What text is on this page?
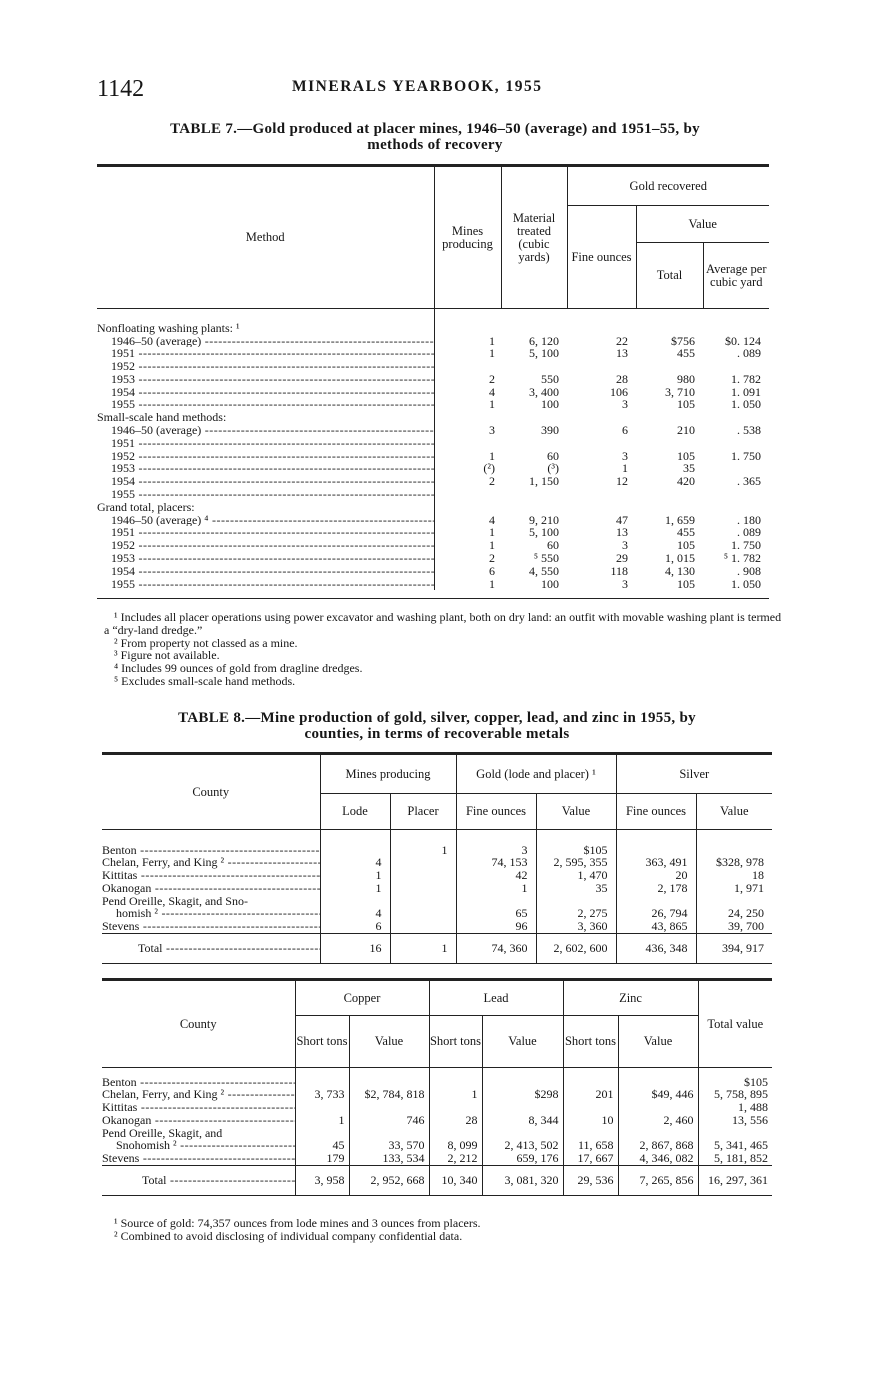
1142	MINERALS YEARBOOK, 1955
TABLE 7.—Gold produced at placer mines, 1946–50 (average) and 1951–55, by
methods of recovery
Method	Mines producing	Material treated (cubic yards)	Gold recovered		
			Fine ounces	Value	
				Total	Average per cubic yard
Nonfloating washing plants: ¹					
1946–50 (average) -----	1	6, 120	22	$756	$0. 124
1951 -----	1	5, 100	13	455	. 089
1952 -----					
1953 -----	2	550	28	980	1. 782
1954 -----	4	3, 400	106	3, 710	1. 091
1955 -----	1	100	3	105	1. 050
Small-scale hand methods:					
1946–50 (average) -----	3	390	6	210	. 538
1951 -----					
1952 -----	1	60	3	105	1. 750
1953 -----	(²)	(³)	1	35	
1954 -----	2	1, 150	12	420	. 365
1955 -----					
Grand total, placers:					
1946–50 (average) ⁴ -----	4	9, 210	47	1, 659	. 180
1951 -----	1	5, 100	13	455	. 089
1952 -----	1	60	3	105	1. 750
1953 -----	2	⁵ 550	29	1, 015	⁵ 1. 782
1954 -----	6	4, 550	118	4, 130	. 908
1955 -----	1	100	3	105	1. 050

¹ Includes all placer operations using power excavator and washing plant, both on dry land: an outfit with movable washing plant is termed a “dry-land dredge.”
² From property not classed as a mine.
³ Figure not available.
⁴ Includes 99 ounces of gold from dragline dredges.
⁵ Excludes small-scale hand methods.
TABLE 8.—Mine production of gold, silver, copper, lead, and zinc in 1955, by
counties, in terms of recoverable metals
County	Mines producing		Gold (lode and placer) ¹		Silver	
	Lode	Placer	Fine ounces	Value	Fine ounces	Value

Benton -----		1	3	$105		
Chelan, Ferry, and King ² -----	4		74, 153	2, 595, 355	363, 491	$328, 978
Kittitas -----	1		42	1, 470	20	18
Okanogan -----	1		1	35	2, 178	1, 971
Pend Oreille, Skagit, and Sno-						
homish ² -----	4		65	2, 275	26, 794	24, 250
Stevens -----	6		96	3, 360	43, 865	39, 700
Total -----	16	1	74, 360	2, 602, 600	436, 348	394, 917
County	Copper		Lead		Zinc		Total value
	Short tons	Value	Short tons	Value	Short tons	Value	

Benton -----							$105
Chelan, Ferry, and King ² -----	3, 733	$2, 784, 818	1	$298	201	$49, 446	5, 758, 895
Kittitas -----							1, 488
Okanogan -----	1	746	28	8, 344	10	2, 460	13, 556
Pend Oreille, Skagit, and							
Snohomish ² -----	45	33, 570	8, 099	2, 413, 502	11, 658	2, 867, 868	5, 341, 465
Stevens -----	179	133, 534	2, 212	659, 176	17, 667	4, 346, 082	5, 181, 852
Total -----	3, 958	2, 952, 668	10, 340	3, 081, 320	29, 536	7, 265, 856	16, 297, 361
¹ Source of gold: 74,357 ounces from lode mines and 3 ounces from placers.
² Combined to avoid disclosing of individual company confidential data.
